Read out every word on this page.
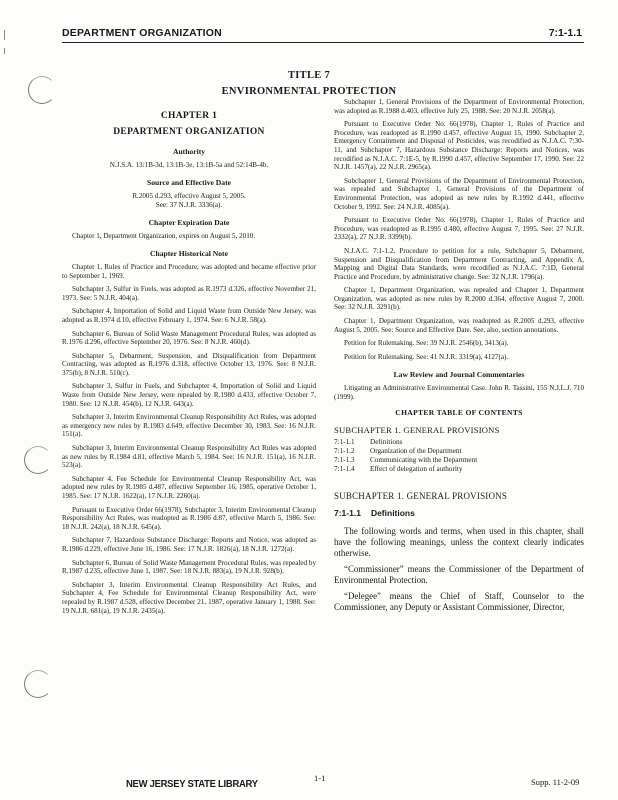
DEPARTMENT ORGANIZATION	7:1-1.1
TITLE 7
ENVIRONMENTAL PROTECTION
CHAPTER 1
DEPARTMENT ORGANIZATION
Authority
N.J.S.A. 13:1B-3d, 13:1B-3e, 13:1B-5a and 52:14B-4b.
Source and Effective Date
R.2005 d.293, effective August 5, 2005.
See: 37 N.J.R. 3336(a).
Chapter Expiration Date

Chapter 1, Department Organization, expires on August 5, 2010.

Chapter Historical Note

Chapter 1, Rules of Practice and Procedure, was adopted and became effective prior to September 1, 1969.

Subchapter 3, Sulfur in Fuels, was adopted as R.1973 d.326, effective November 21, 1973. See: 5 N.J.R. 404(a).

Subchapter 4, Importation of Solid and Liquid Waste from Outside New Jersey, was adopted as R.1974 d.10, effective February 1, 1974. See: 6 N.J.R. 58(a).

Subchapter 6, Bureau of Solid Waste Management Procedural Rules, was adopted as R.1976 d.296, effective September 20, 1976. See: 8 N.J.R. 460(d).

Subchapter 5, Debarment, Suspension, and Disqualification from Department Contracting, was adopted as R.1976 d.318, effective October 13, 1976. See: 8 N.J.R. 375(b), 8 N.J.R. 510(c).

Subchapter 3, Sulfur in Fuels, and Subchapter 4, Importation of Solid and Liquid Waste from Outside New Jersey, were repealed by R.1980 d.433, effective October 7, 1980. See: 12 N.J.R. 454(b), 12 N.J.R. 643(a).

Subchapter 3, Interim Environmental Cleanup Responsibility Act Rules, was adopted as emergency new rules by R.1983 d.649, effective December 30, 1983. See: 16 N.J.R. 151(a).

Subchapter 3, Interim Environmental Cleanup Responsibility Act Rules was adopted as new rules by R.1984 d.81, effective March 5, 1984. See: 16 N.J.R. 151(a), 16 N.J.R. 523(a).

Subchapter 4, Fee Schedule for Environmental Cleanup Responsibility Act, was adopted new rules by R.1985 d.487, effective September 16, 1985, operative October 1, 1985. See: 17 N.J.R. 1622(a), 17 N.J.R. 2260(a).

Pursuant to Executive Order 66(1978), Subchapter 3, Interim Environmental Cleanup Responsibility Act Rules, was readopted as R.1986 d.87, effective March 5, 1986. See: 18 N.J.R. 242(a), 18 N.J.R. 645(a).

Subchapter 7, Hazardous Substance Discharge: Reports and Notice, was adopted as R.1986 d.229, effective June 16, 1986. See: 17 N.J.R. 1826(a), 18 N.J.R. 1272(a).

Subchapter 6, Bureau of Solid Waste Management Procedural Rules, was repealed by R.1987 d.235, effective June 1, 1987. See: 18 N.J.R. 883(a), 19 N.J.R. 928(b).

Subchapter 3, Interim Environmental Cleanup Responsibility Act Rules, and Subchapter 4, Fee Schedule for Environmental Cleanup Responsibility Act, were repealed by R.1987 d.528, effective December 21, 1987, operative January 1, 1988. See: 19 N.J.R. 681(a), 19 N.J.R. 2435(a).

Subchapter 1, General Provisions of the Department of Environmental Protection, was adopted as R.1988 d.403, effective July 25, 1988. See: 20 N.J.R. 2058(a).

Pursuant to Executive Order No. 66(1978), Chapter 1, Rules of Practice and Procedure, was readopted as R.1990 d.457, effective August 15, 1990. Subchapter 2, Emergency Containment and Disposal of Pesticides, was recodified as N.J.A.C. 7:30-11, and Subchapter 7, Hazardous Substance Discharge: Reports and Notices, was recodified as N.J.A.C. 7:1E-5, by R.1990 d.457, effective September 17, 1990. See: 22 N.J.R. 1457(a), 22 N.J.R. 2965(a).

Subchapter 1, General Provisions of the Department of Environmental Protection, was repealed and Subchapter 1, General Provisions of the Department of Environmental Protection, was adopted as new rules by R.1992 d.441, effective October 9, 1992. See: 24 N.J.R. 4085(a).

Pursuant to Executive Order No. 66(1978), Chapter 1, Rules of Practice and Procedure, was readopted as R.1995 d.480, effective August 7, 1995. See: 27 N.J.R. 2332(a), 27 N.J.R. 3399(b).

N.J.A.C. 7:1-1.2, Procedure to petition for a rule, Subchapter 5, Debarment, Suspension and Disqualification from Department Contracting, and Appendix A, Mapping and Digital Data Standards, were recodified as N.J.A.C. 7:1D, General Practice and Procedure, by administrative change. See: 32 N.J.R. 1796(a).

Chapter 1, Department Organization, was repealed and Chapter 1, Department Organization, was adopted as new rules by R.2000 d.364, effective August 7, 2000. See: 32 N.J.R. 3291(b).

Chapter 1, Department Organization, was readopted as R.2005 d.293, effective August 5, 2005. See: Source and Effective Date. See, also, section annotations.

Petition for Rulemaking. See: 39 N.J.R. 2546(b), 3413(a).

Petition for Rulemaking. See: 41 N.J.R. 3319(a), 4127(a).

Law Review and Journal Commentaries

Litigating an Administrative Environmental Case. John R. Tassini, 155 N.J.L.J. 710 (1999).

CHAPTER TABLE OF CONTENTS
SUBCHAPTER 1. GENERAL PROVISIONS
7:1-1.1	Definitions
7:1-1.2	Organization of the Department
7:1-1.3	Communicating with the Department
7:1-1.4	Effect of delegation of authority
SUBCHAPTER 1. GENERAL PROVISIONS
7:1-1.1 Definitions

The following words and terms, when used in this chapter, shall have the following meanings, unless the context clearly indicates otherwise.

“Commissioner” means the Commissioner of the Department of Environmental Protection.

“Delegee” means the Chief of Staff, Counselor to the Commissioner, any Deputy or Assistant Commissioner, Director,

NEW JERSEY STATE LIBRARY	1-1	Supp. 11-2-09
